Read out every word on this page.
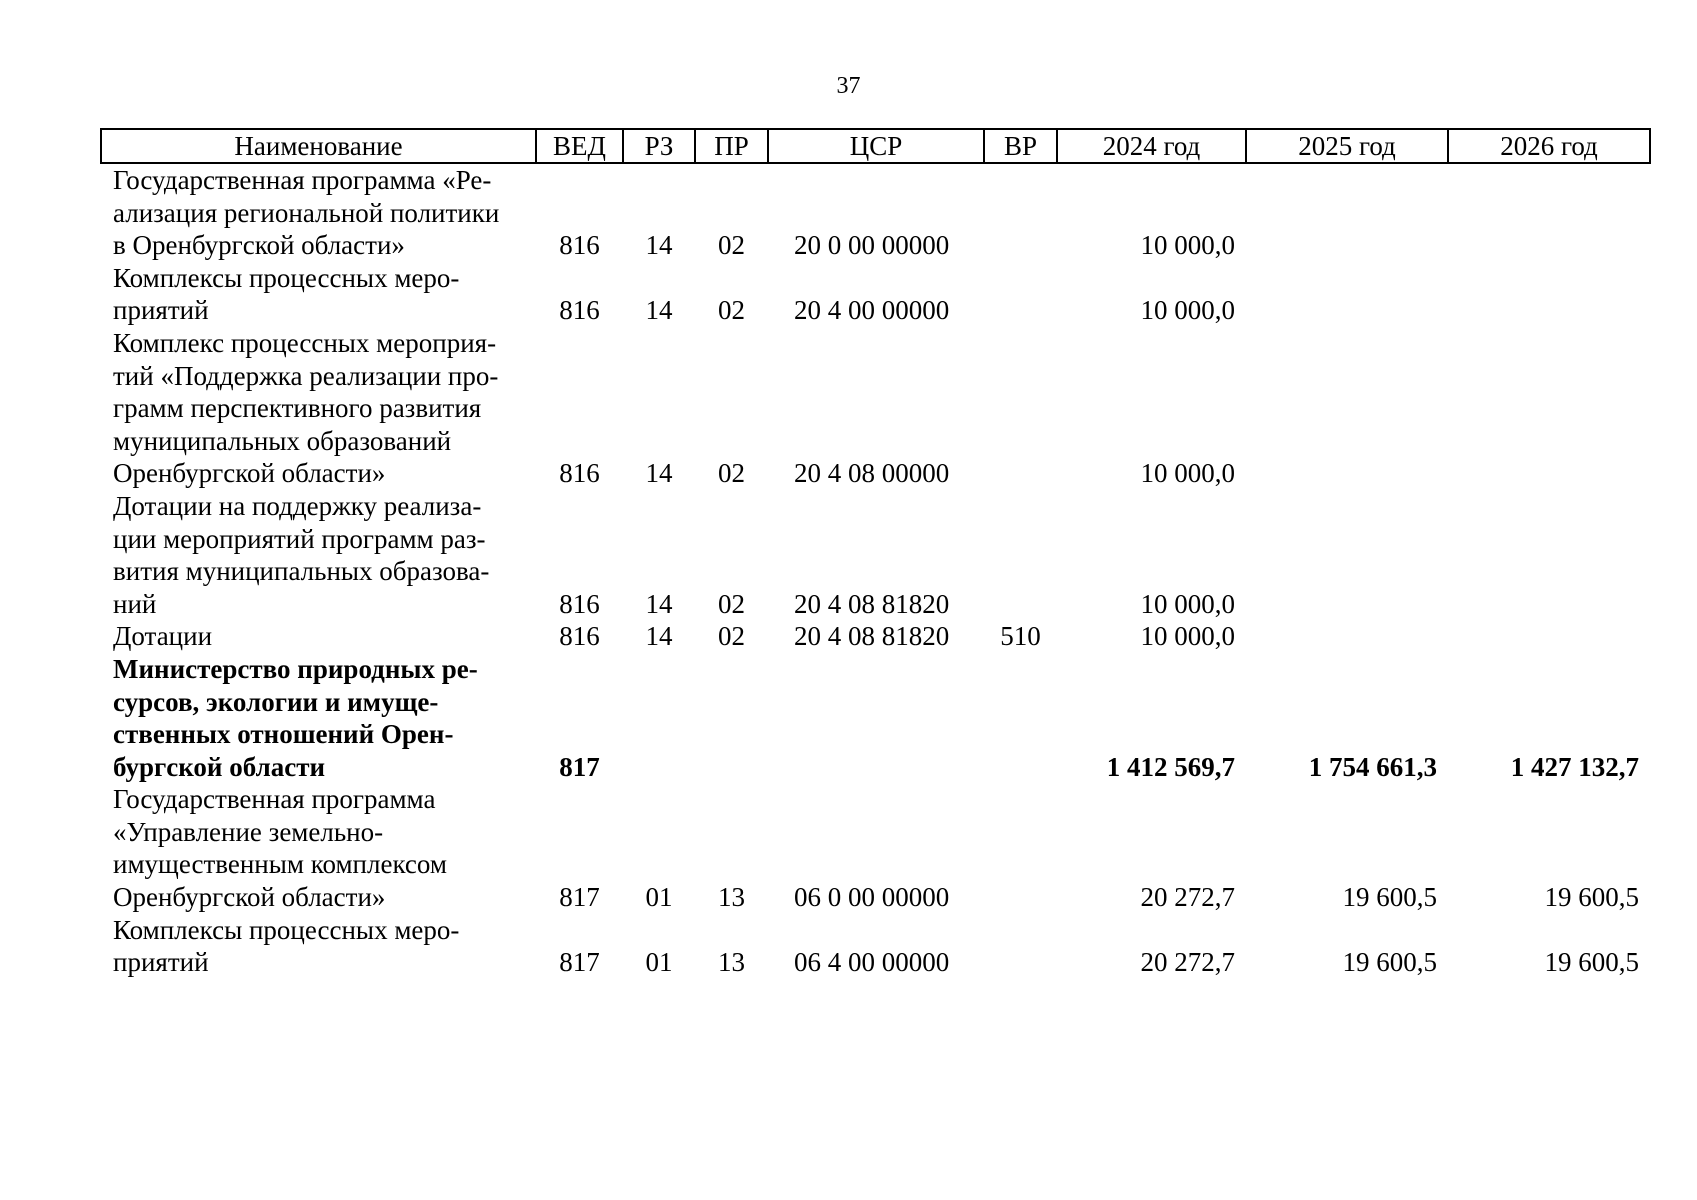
37
Наименование	ВЕД	РЗ	ПР	ЦСР	ВР	2024 год	2025 год	2026 год

Государственная программа «Ре-
ализация региональной политики
в Оренбургской области»	816	14	02	20 0 00 00000		10 000,0		

Комплексы процессных меро-
приятий	816	14	02	20 4 00 00000		10 000,0		

Комплекс процессных мероприя-
тий «Поддержка реализации про-
грамм перспективного развития
муниципальных образований
Оренбургской области»	816	14	02	20 4 08 00000		10 000,0		

Дотации на поддержку реализа-
ции мероприятий программ раз-
вития муниципальных образова-
ний	816	14	02	20 4 08 81820		10 000,0		

Дотации	816	14	02	20 4 08 81820	510	10 000,0		

Министерство природных ре-
сурсов, экологии и имуще-
ственных отношений Орен-
бургской области	817					1 412 569,7	1 754 661,3	1 427 132,7

Государственная программа
«Управление земельно-
имущественным комплексом
Оренбургской области»	817	01	13	06 0 00 00000		20 272,7	19 600,5	19 600,5

Комплексы процессных меро-
приятий	817	01	13	06 4 00 00000		20 272,7	19 600,5	19 600,5
